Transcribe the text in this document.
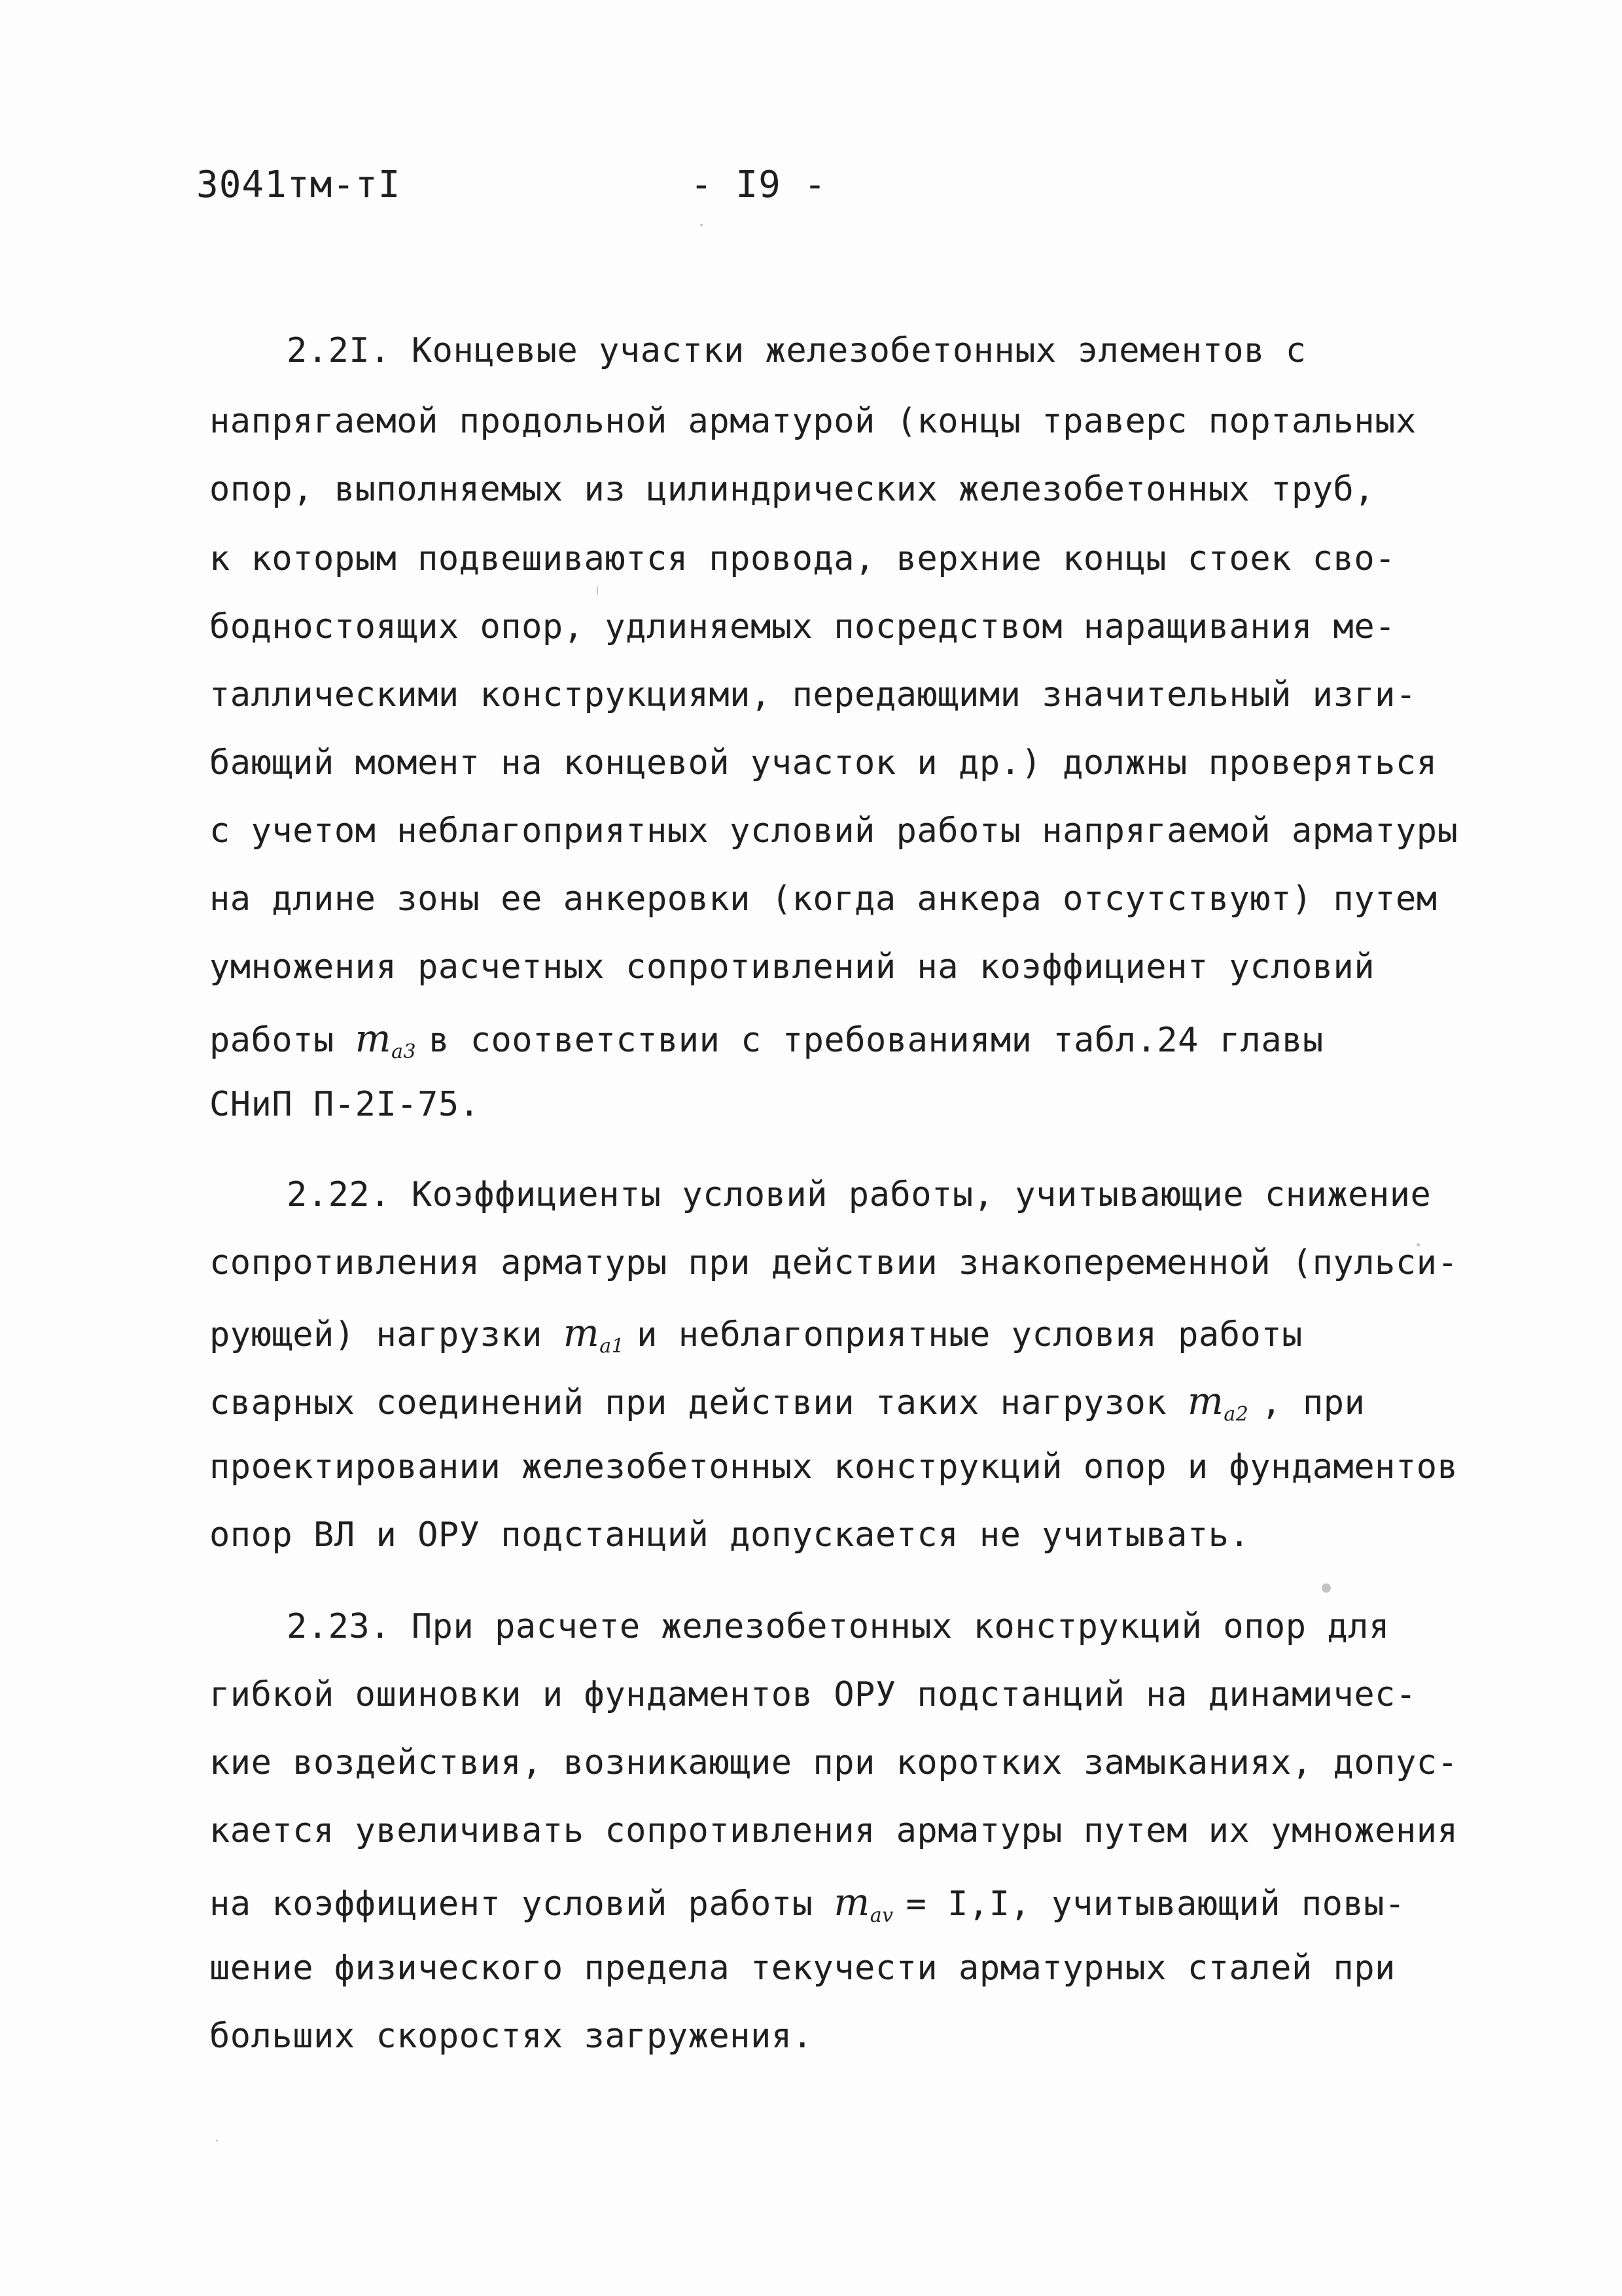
3041тм-тI	- I9 -
2.2I. Концевые участки железобетонных элементов с
напрягаемой продольной арматурой (концы траверс портальных
опор, выполняемых из цилиндрических железобетонных труб,
к которым подвешиваются провода, верхние концы стоек сво-
бодностоящих опор, удлиняемых посредством наращивания ме-
таллическими конструкциями, передающими значительный изги-
бающий момент на концевой участок и др.) должны проверяться
с учетом неблагоприятных условий работы напрягаемой арматуры
на длине зоны ее анкеровки (когда анкера отсутствуют) путем
умножения расчетных сопротивлений на коэффициент условий
работы $m_{a3}$ в соответствии с требованиями табл.24 главы
СНиП П-2I-75.
2.22. Коэффициенты условий работы, учитывающие снижение
сопротивления арматуры при действии знакопеременной (пульси-
рующей) нагрузки $m_{a1}$ и неблагоприятные условия работы
сварных соединений при действии таких нагрузок $m_{a2}$ , при
проектировании железобетонных конструкций опор и фундаментов
опор ВЛ и ОРУ подстанций допускается не учитывать.
2.23. При расчете железобетонных конструкций опор для
гибкой ошиновки и фундаментов ОРУ подстанций на динамичес-
кие воздействия, возникающие при коротких замыканиях, допус-
кается увеличивать сопротивления арматуры путем их умножения
на коэффициент условий работы $m_{av} = I,I$, учитывающий повы-
шение физического предела текучести арматурных сталей при
больших скоростях загружения.
